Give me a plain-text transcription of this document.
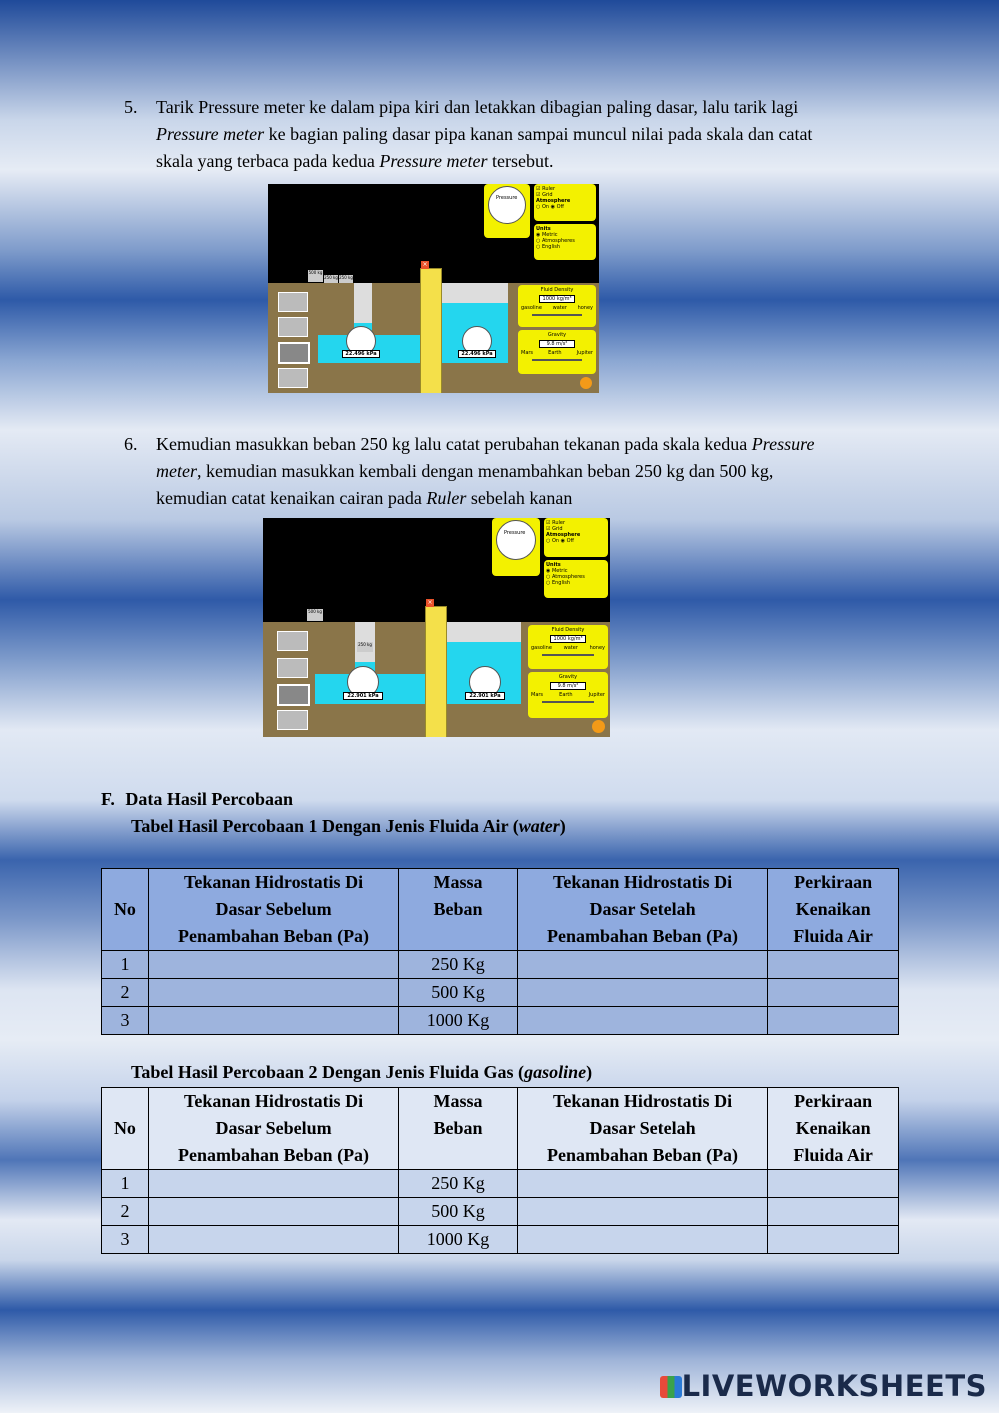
5. Tarik Pressure meter ke dalam pipa kiri dan letakkan dibagian paling dasar, lalu tarik lagi
Pressure meter ke bagian paling dasar pipa kanan sampai muncul nilai pada skala dan catat
skala yang terbaca pada kedua Pressure meter tersebut.
Pressure
☑ Ruler
☑ Grid
Atmosphere
○ On ◉ Off
Units
◉ Metric
○ Atmospheres
○ English
500 kg
250 kg 250 kg
×
22.496 kPa	22.496 kPa
Fluid Density
1000 kg/m³
gasoline water honey
Gravity
9.8 m/s²
Mars	Earth	Jupiter
6. Kemudian masukkan beban 250 kg lalu catat perubahan tekanan pada skala kedua Pressure
meter, kemudian masukkan kembali dengan menambahkan beban 250 kg dan 500 kg,
kemudian catat kenaikan cairan pada Ruler sebelah kanan
Pressure
☑ Ruler
☑ Grid
Atmosphere
○ On ◉ Off
Units
◉ Metric
○ Atmospheres
○ English
500 kg
250 kg
×
22.901 kPa	22.901 kPa
Fluid Density
1000 kg/m³
gasoline water honey
Gravity
9.8 m/s²
Mars	Earth	Jupiter
F. Data Hasil Percobaan
Tabel Hasil Percobaan 1 Dengan Jenis Fluida Air (water)
No	Tekanan Hidrostatis Di
Dasar Sebelum
Penambahan Beban (Pa)	Massa
Beban	Tekanan Hidrostatis Di
Dasar Setelah
Penambahan Beban (Pa)	Perkiraan
Kenaikan
Fluida Air
1		250 Kg		
2		500 Kg		
3		1000 Kg		
Tabel Hasil Percobaan 2 Dengan Jenis Fluida Gas (gasoline)
No	Tekanan Hidrostatis Di
Dasar Sebelum
Penambahan Beban (Pa)	Massa
Beban	Tekanan Hidrostatis Di
Dasar Setelah
Penambahan Beban (Pa)	Perkiraan
Kenaikan
Fluida Air
1		250 Kg		
2		500 Kg		
3		1000 Kg		
LIVEWORKSHEETS
